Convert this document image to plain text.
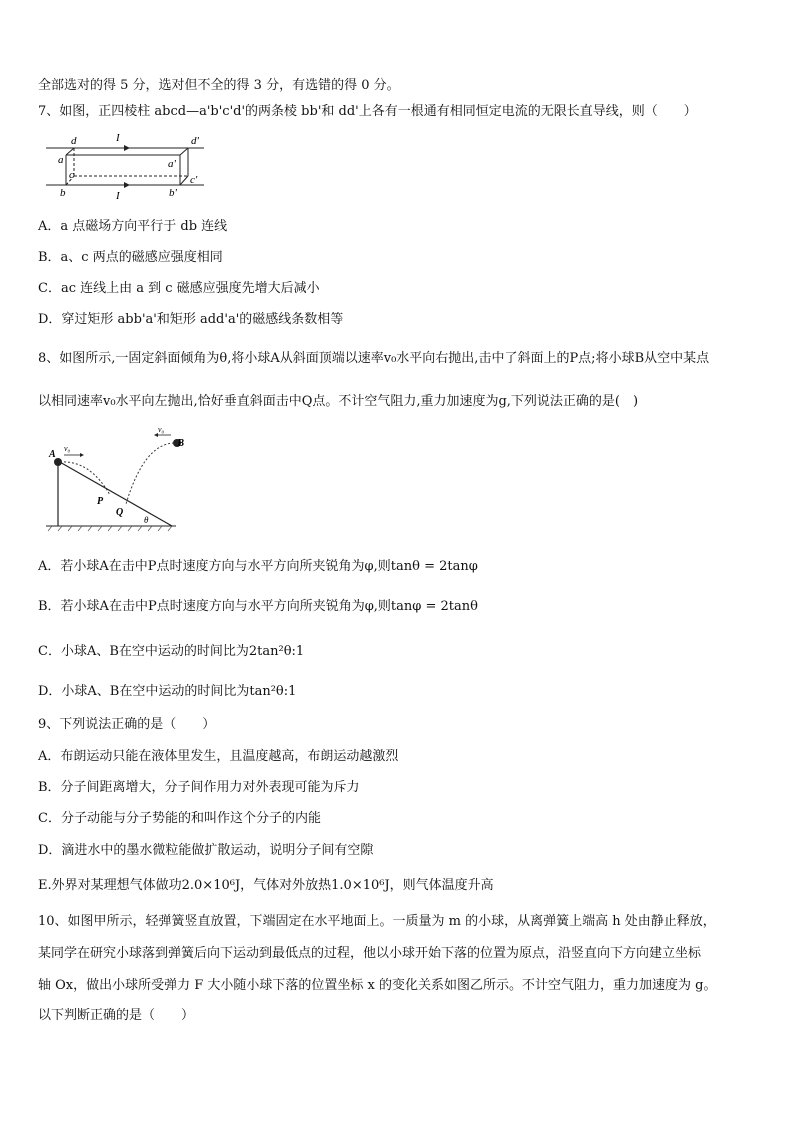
全部选对的得 5 分，选对但不全的得 3 分，有选错的得 0 分。
7、如图，正四棱柱 abcd—a'b'c'd'的两条棱 bb'和 dd'上各有一根通有相同恒定电流的无限长直导线，则（　　）
d
a
c
b
I
I
d'
a'
b'
c'
A．a 点磁场方向平行于 db 连线
B．a、c 两点的磁感应强度相同
C．ac 连线上由 a 到 c 磁感应强度先增大后减小
D．穿过矩形 abb'a'和矩形 add'a'的磁感线条数相等
8、如图所示,一固定斜面倾角为θ,将小球A从斜面顶端以速率v₀水平向右抛出,击中了斜面上的P点;将小球B从空中某点
以相同速率v₀水平向左抛出,恰好垂直斜面击中Q点。不计空气阻力,重力加速度为g,下列说法正确的是(　)
A
v₀	B
v₀
P
Q
θ
A．若小球A在击中P点时速度方向与水平方向所夹锐角为φ,则tanθ = 2tanφ
B．若小球A在击中P点时速度方向与水平方向所夹锐角为φ,则tanφ = 2tanθ
C．小球A、B在空中运动的时间比为2tan²θ:1
D．小球A、B在空中运动的时间比为tan²θ:1
9、下列说法正确的是（　　）
A．布朗运动只能在液体里发生，且温度越高，布朗运动越激烈
B．分子间距离增大，分子间作用力对外表现可能为斥力
C．分子动能与分子势能的和叫作这个分子的内能
D．滴进水中的墨水微粒能做扩散运动，说明分子间有空隙
E.外界对某理想气体做功2.0×10⁶J，气体对外放热1.0×10⁶J，则气体温度升高
10、如图甲所示，轻弹簧竖直放置，下端固定在水平地面上。一质量为 m 的小球，从离弹簧上端高 h 处由静止释放，
某同学在研究小球落到弹簧后向下运动到最低点的过程，他以小球开始下落的位置为原点，沿竖直向下方向建立坐标
轴 Ox，做出小球所受弹力 F 大小随小球下落的位置坐标 x 的变化关系如图乙所示。不计空气阻力，重力加速度为 g。
以下判断正确的是（　　）
